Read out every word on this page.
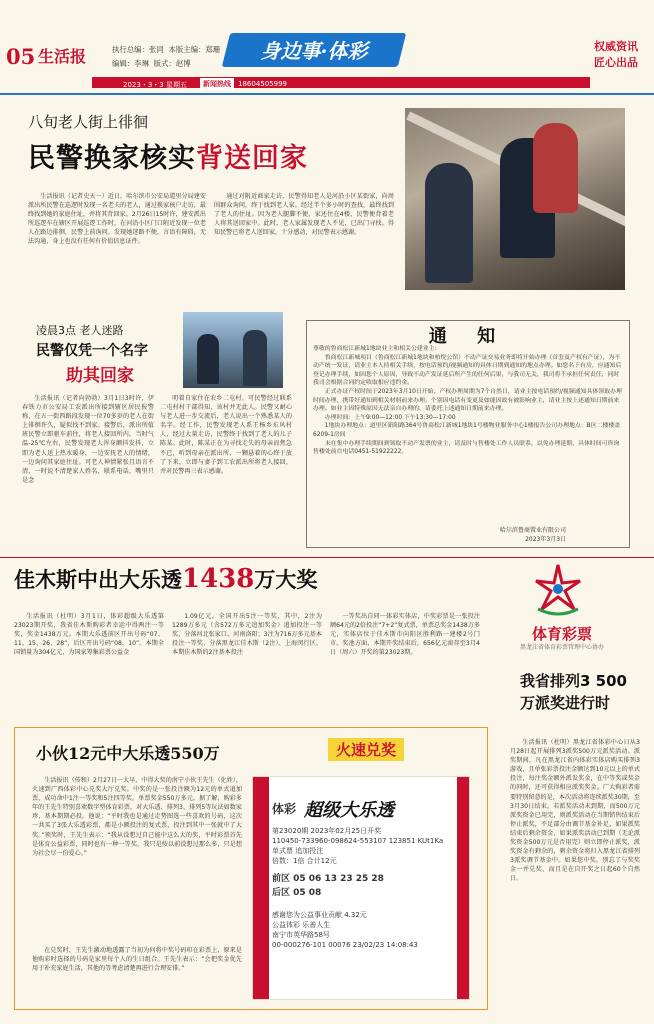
05 生活报	执行总编：张同 本版主编：郑珊
编辑：李琳 版式：赵博
身边事·体彩	权威资讯
匠心出品
2023・3・3 星期五	新闻热线	18604505999
八旬老人街上徘徊
民警换家核实背送回家

生活报讯（记者史天一）近日，哈尔滨市公安局道里分局建安派出所民警在巡逻时发现一名老夫的老人，通过换家核户走访，最终找到她的家庭住址，并将其背回家。2月26日15时许，建安派出所巡逻车在辖区开展巡逻工作时，在河沿小区门口附近发现一位老人在路边徘徊，民警上前询问，发现她迷路不便，言语有障碍，无法沟通，身上也没有任何有价值信息证件。

通过对附近商家走访，民警得知老人是河沿小区某街家，向周围群众询问，终于找到老人家。经过半个多小时的查找，最终找到了老人的住址。因为老人腿脚不便，家还住在4楼，民警便背着老人将其送回家中。此时，老人家属发现老人不见，已出门寻找。得知民警已将老人送回家，十分感动，对民警表示感谢。

凌晨3点 老人迷路
民警仅凭一个名字
助其回家

生活报讯（记者向勃勃）3月1日3时许，伊春铁力市公安局工农派出所接到辖区居民报警称，在五一街西路段发现一位70多岁的老人在街上徘徊许久，疑似找不到家。接警后，派出所值班民警立即驱车前往，将老人接回所内。当时气温-25℃左右，民警发现老人浑身颤抖发抖，立即为老人送上热水暖身，一边安抚老人的情绪，一边询问其家庭住址。可老人神情紧张且语言不清，一时说不清楚家人姓名、联系电话，嘴里只是念

叨着自家住在农乡二屯村。可民警经过联系二屯村村干部得知，该村并无此人。民警又耐心与老人进一步交流后，老人说出一个熟悉某人的名字。经工作，民警发现老人系王杨乡东风村人，经过大量走访，民警终于找到了老人的儿子陈某。此时，陈某正在为寻找走失的母亲而焦急不已，听到母亲在派出所，一颗悬着的心终于放了下来，立即与妻子到工农派出所将老人接回，并对民警再三表示感谢。

通 知
尊敬的鲁商松江新城1地块业主和相关公建业主：
鲁商松江新城项目（鲁商松江新城1地块和柏悦公馆）不动产证交易业务即将开始办理（首套及产权有产证），为不动产统一发证，请业主本人持相关手续，按电话预约/视频通知的具体日期到通知的地点办理。如您名下有房，应通知后登记办理手续，如因您个人原因，导致不动产发证延后所产生的任何后果，与我司无关，我司将不承担任何责任，同时我司会根据合同约定收取相应违约金。
正式办证产权时间于2023年3月10日开始，产权办理周期为7个自然日，请业主按电话预约/视频通知具体领取办理时间办理，携带好通知到相关材料前来办理。个别因电话有变更及如能因故有被影响业主，请业主按上述通知日期前来办理。如业主因特殊原因无法亲自办理的，请委托上述通知日期前来办理。
办理时间：上午9:00—12:00 下午13:30—17:00
1地块办理地点：道里区新阳路364号鲁商松江新城1地块1号楼物业服务中心1楼报告公司办理地点：B区二楼楼盖6209-1房间
未在集中办理手续期间到领取不动产发票的业主，请及时与售楼处工作人员联系，以免办理延期，具体时间可咨询售楼处前台电话0451-51922222。
哈尔滨鲁商置业有限公司
2023年3月3日
佳木斯中出大乐透1438万大奖

生活报讯（杜明）3月1日，体彩超级大乐透第23023期开奖，我省佳木斯购彩者幸运中得两注一等奖，奖金1438万元。本期大乐透前区开出号码“07、11、15、26、28”，后区开出号码“08、10”。本期全国销量为304亿元，为国家筹集彩票公益金

1.09亿元。全国开出5注一等奖，其中，2注为1289万多元（含572万多元追加奖金）追加投注一等奖，分落河北张家口、河南洛阳；3注为716万多元基本投注一等奖，分落黑龙江佳木斯（2注）、上海闵行区。本期佳木斯的2注基本投注

一等奖出自同一体彩实体店，中奖彩票是一张投注额64元的2倍投注“7+2”复式票，单票总奖金1438万多元，实体店位于佳木斯市向阳区胜利路一建楼2号门市。奖池方面，本期开奖结束后，656亿元滚存至3月4日（周六）开奖的第23023期。

体育彩票
黑龙江省体育彩票管理中心协办
我省排列3 500万派奖进行时

生活报讯（杜明）黑龙江省体彩中心日从3月28日起开展排列3派奖500万元派奖活动。派奖期间，凡在黑龙江省内体彩实体店购买排列3游戏，且单张彩票投注金额达到10元以上的单式投注，每注奖金额外派发奖金，在中等奖或奖金的同时，还可获得相应派奖奖金。广大购彩者需要特别留意的是，本次活动将连续派奖30期，至3月30日结束。若派奖活动未到期，而500万元派奖资金已用完，则派奖活动在当期销售结束后停止派奖，不足部分由调节基金补足，如果派奖结束后剩余资金，如果派奖活动已到期（无论派奖资金500万元是否用完）则立即停止派奖，派奖资金有剩余的，剩余资金将归入黑龙江省排列3派奖调节基金中。如果您中奖，别忘了与奖奖金一并兑奖，而且是在自开奖之日起60个自然日。

小伙12元中大乐透550万	火速兑奖

生活报讯（传和）2月27日一大早，中得大奖的南宁小伙王先生（化姓），火速到广西体彩中心兑奖大厅兑奖。中奖的是一张投注额为12元的单式追加票，成功命中1注一等奖和5注四等奖，单票奖金550万多元。据了解，购彩多年的王先生特别喜欢数字型体育彩票，对大乐透、排列3、排列5等玩法如数家珍，基本期期必投。他说：“平时我也是通过走势图选一些喜欢的号码，这次一共买了3张大乐透彩票，都是小额投注的复式票，投注到其中一张就中了大奖。”领奖时，王先生表示：“我从没想过自己能中这么大的奖，平时彩票首先是体育公益彩票，同时也有一种一等奖，我只是按以前没想过那么多，只是想为社会尽一份爱心。”

在兑奖时，王先生激动地透露了当初为何将中奖号码印在彩票上，原来是他购彩时选择的号码是家里每个人的生日组合。王先生表示：“会把奖金优先用于补充家庭生活，其他的等考虑清楚再进行合理安排。”

体彩 超级大乐透
第23020期 2023年02月25日开奖
110450-733960-098624-553107 123851 KUt1Ka
单式票 追加投注
倍数：1倍 合计12元
前区 05 06 13 23 25 28
后区 05 08
感谢您为公益事业贡献 4.32元
公益体彩 乐善人生
南宁市英华路58号
00-000276-101 00076 23/02/23 14:08:43
